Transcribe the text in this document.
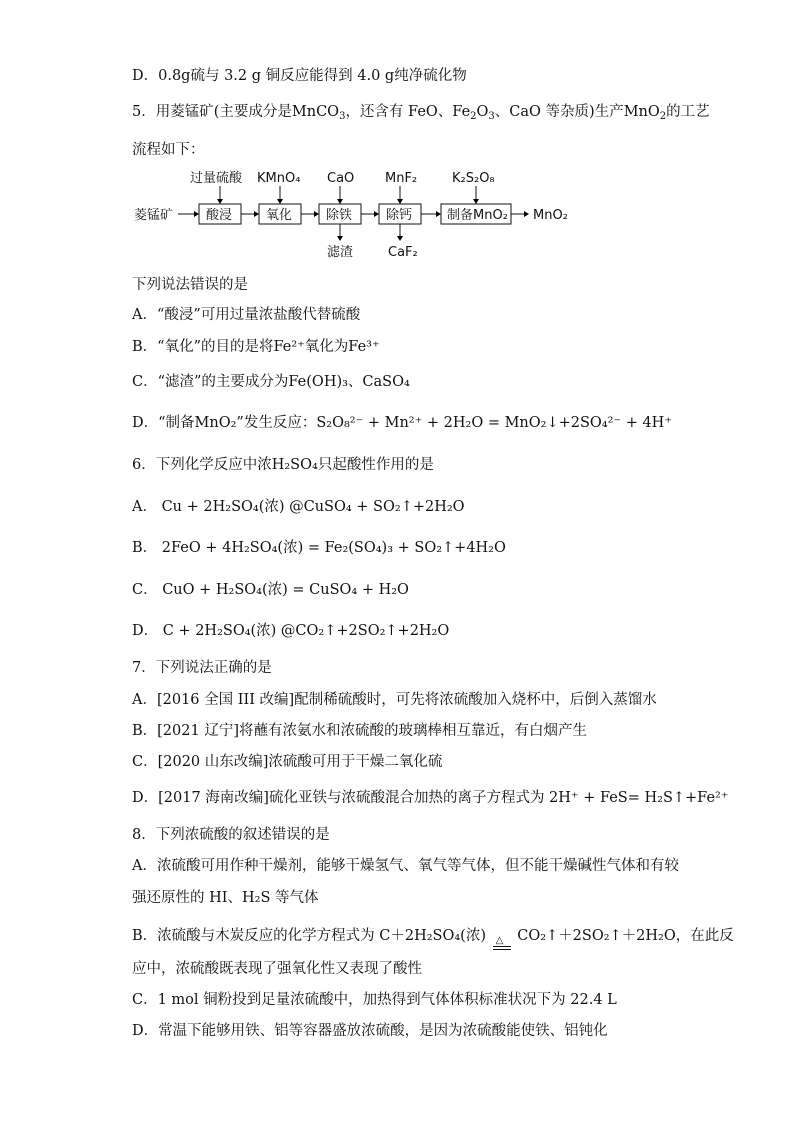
D．0.8g硫与 3.2 g 铜反应能得到 4.0 g纯净硫化物
5．用菱锰矿(主要成分是MnCO$_3$，还含有 FeO、$Fe_2O_3$、CaO 等杂质)生产MnO$_2$的工艺
流程如下：
菱锰矿	酸浸	氧化	除铁	除钙	制备MnO₂ MnO₂
过量硫酸 KMnO₄ CaO MnF₂	K₂S₂O₈
滤渣	CaF₂
下列说法错误的是
A．“酸浸”可用过量浓盐酸代替硫酸
B．“氧化”的目的是将Fe²⁺氧化为Fe³⁺
C．“滤渣”的主要成分为Fe(OH)₃、CaSO₄
D．“制备MnO₂”发生反应：S₂O₈²⁻ + Mn²⁺ + 2H₂O = MnO₂↓+2SO₄²⁻ + 4H⁺
6．下列化学反应中浓H₂SO₄只起酸性作用的是
A． Cu + 2H₂SO₄(浓) @CuSO₄ + SO₂↑+2H₂O
B． 2FeO + 4H₂SO₄(浓) = Fe₂(SO₄)₃ + SO₂↑+4H₂O
C． CuO + H₂SO₄(浓) = CuSO₄ + H₂O
D． C + 2H₂SO₄(浓) @CO₂↑+2SO₂↑+2H₂O
7．下列说法正确的是
A．[2016 全国 III 改编]配制稀硫酸时，可先将浓硫酸加入烧杯中，后倒入蒸馏水
B．[2021 辽宁]将蘸有浓氨水和浓硫酸的玻璃棒相互靠近，有白烟产生
C．[2020 山东改编]浓硫酸可用于干燥二氧化硫
D．[2017 海南改编]硫化亚铁与浓硫酸混合加热的离子方程式为 2H⁺ + FeS= H₂S↑+Fe²⁺
8．下列浓硫酸的叙述错误的是
A．浓硫酸可用作种干燥剂，能够干燥氢气、氧气等气体，但不能干燥碱性气体和有较
强还原性的 HI、H₂S 等气体
B．浓硫酸与木炭反应的化学方程式为 C＋2H₂SO₄(浓) △ CO₂↑＋2SO₂↑＋2H₂O，在此反
应中，浓硫酸既表现了强氧化性又表现了酸性
C．1 mol 铜粉投到足量浓硫酸中，加热得到气体体积标准状况下为 22.4 L
D．常温下能够用铁、铝等容器盛放浓硫酸，是因为浓硫酸能使铁、铝钝化
